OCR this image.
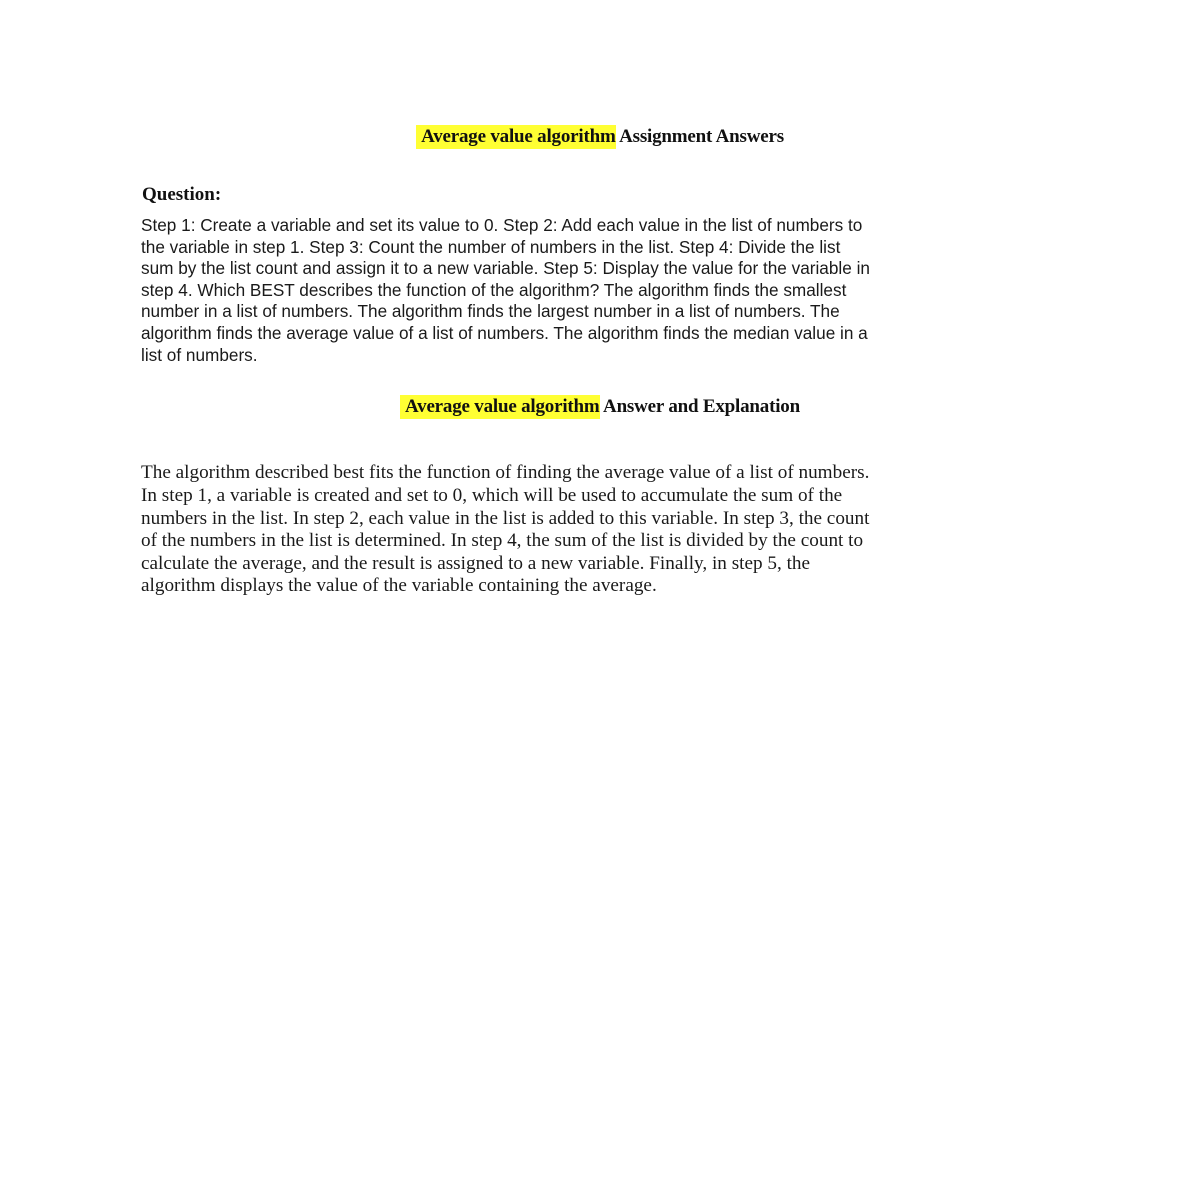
Average value algorithm Assignment Answers
Question:
Step 1: Create a variable and set its value to 0. Step 2: Add each value in the list of numbers to
the variable in step 1. Step 3: Count the number of numbers in the list. Step 4: Divide the list
sum by the list count and assign it to a new variable. Step 5: Display the value for the variable in
step 4. Which BEST describes the function of the algorithm? The algorithm finds the smallest
number in a list of numbers. The algorithm finds the largest number in a list of numbers. The
algorithm finds the average value of a list of numbers. The algorithm finds the median value in a
list of numbers.
Average value algorithm Answer and Explanation
The algorithm described best fits the function of finding the average value of a list of numbers.
In step 1, a variable is created and set to 0, which will be used to accumulate the sum of the
numbers in the list. In step 2, each value in the list is added to this variable. In step 3, the count
of the numbers in the list is determined. In step 4, the sum of the list is divided by the count to
calculate the average, and the result is assigned to a new variable. Finally, in step 5, the
algorithm displays the value of the variable containing the average.
